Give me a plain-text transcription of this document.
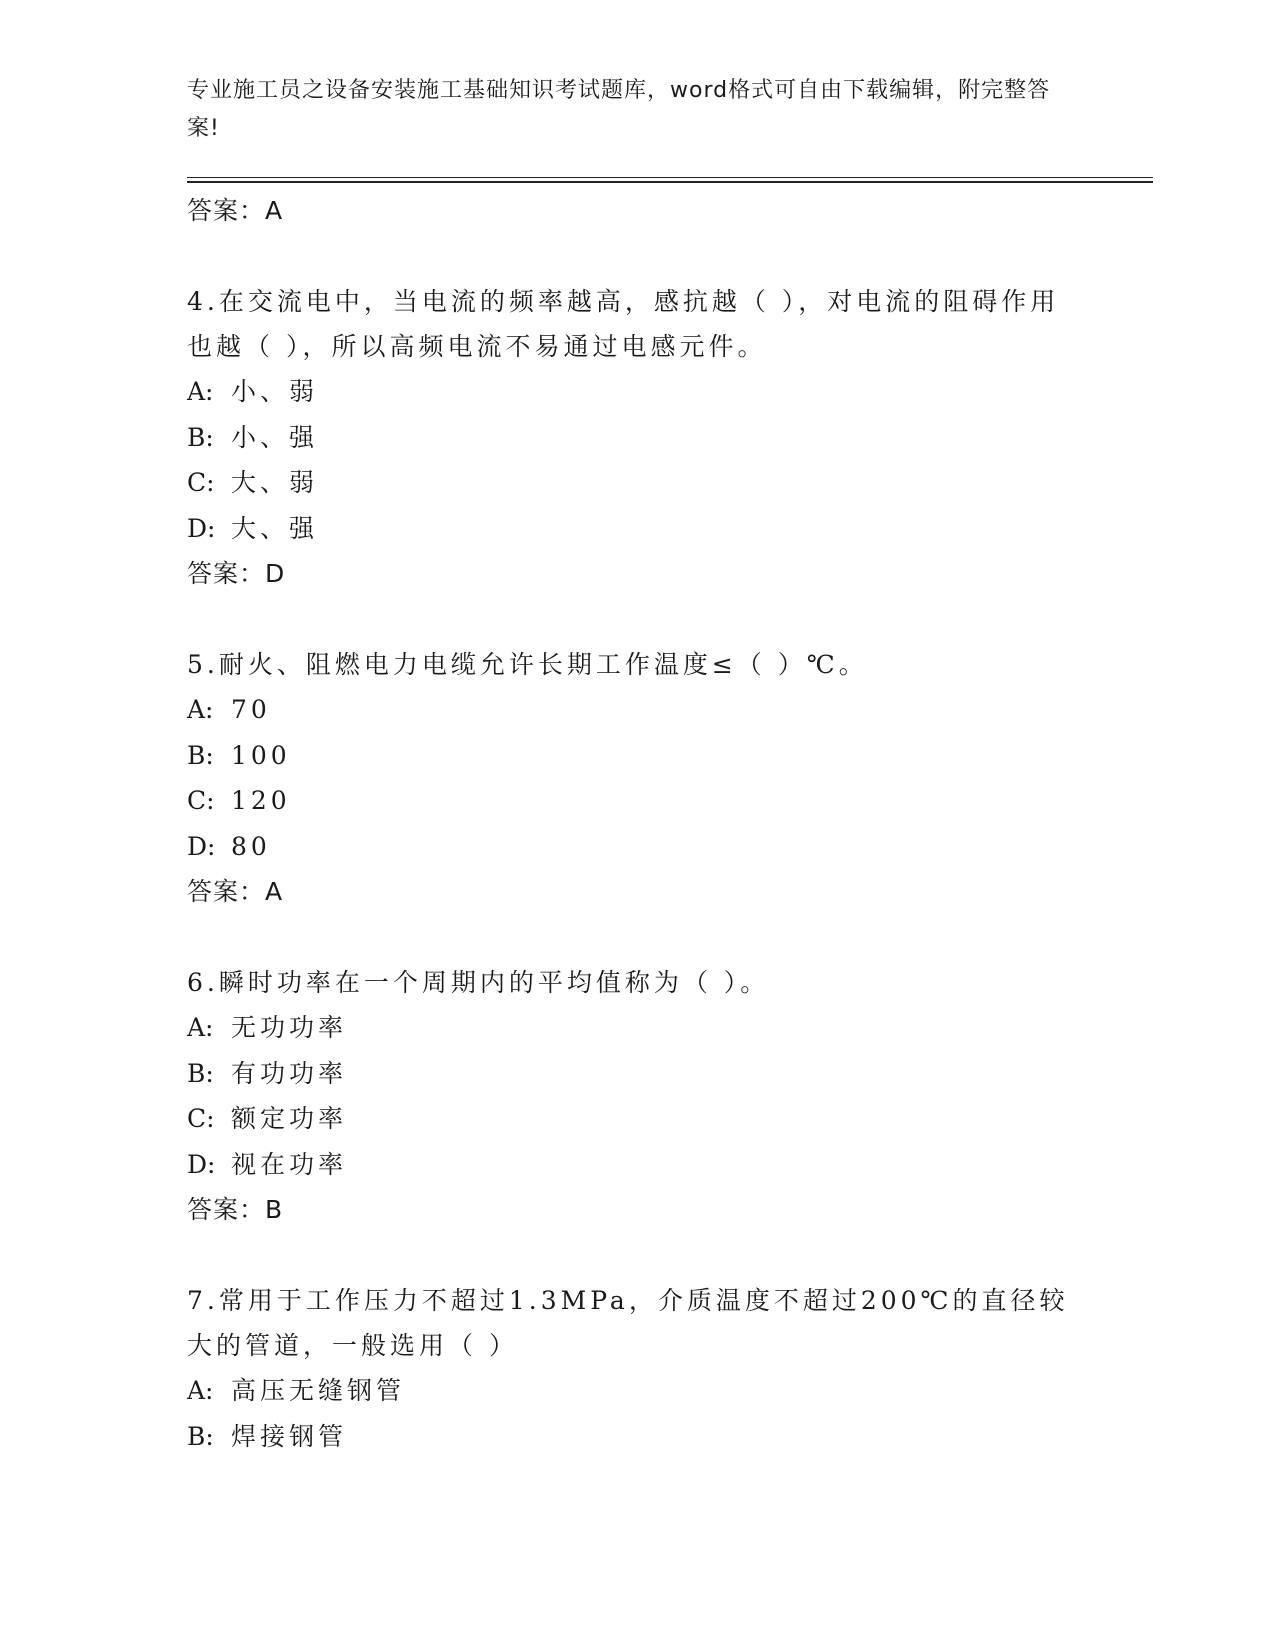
专业施工员之设备安装施工基础知识考试题库，word格式可自由下载编辑，附完整答案!
答案：A
4.在交流电中，当电流的频率越高，感抗越（ ），对电流的阻碍作用也越（ ），所以高频电流不易通过电感元件。
A: 小、弱
B: 小、强
C: 大、弱
D: 大、强
答案：D
5.耐火、阻燃电力电缆允许长期工作温度≤（ ）℃。
A: 70
B: 100
C: 120
D: 80
答案：A
6.瞬时功率在一个周期内的平均值称为（ ）。
A: 无功功率
B: 有功功率
C: 额定功率
D: 视在功率
答案：B
7.常用于工作压力不超过1.3MPa，介质温度不超过200℃的直径较大的管道，一般选用（ ）
A: 高压无缝钢管
B: 焊接钢管
